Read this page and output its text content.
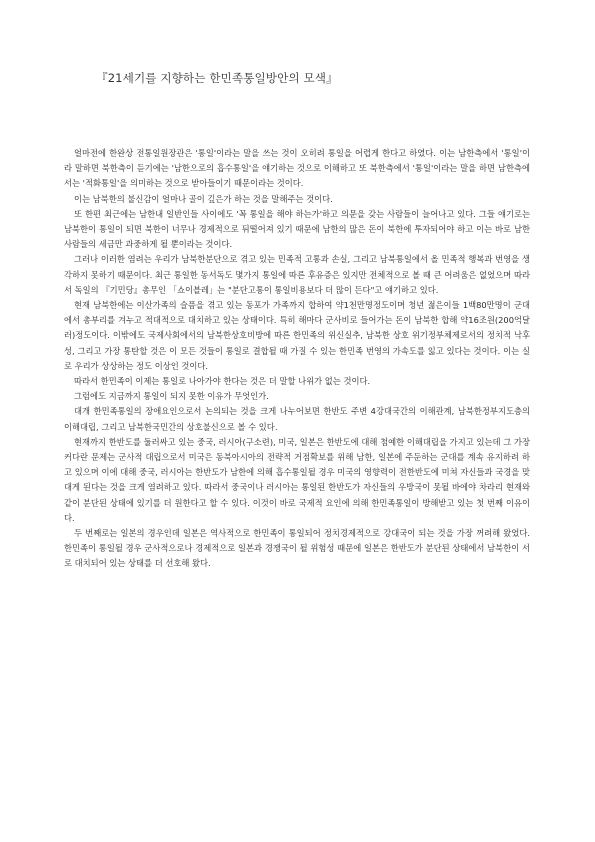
『21세기를 지향하는 한민족통일방안의 모색』

얼마전에 한완상 전통일원장관은 '통일'이라는 말을 쓰는 것이 오히려 통일을 어렵게 한다고 하였다. 이는 남한측에서 '통일'이라 말하면 북한측이 듣기에는 '남한으로의 흡수통일'을 얘기하는 것으로 이해하고 또 북한측에서 '통일'이라는 말을 하면 남한측에서는 '적화통일'을 의미하는 것으로 받아들이기 때문이라는 것이다.

이는 남북한의 불신감이 얼마나 골이 깊은가 하는 것을 말해주는 것이다.

또 한편 최근에는 남한내 일반인들 사이에도 '꼭 통일을 해야 하는가'하고 의문을 갖는 사람들이 늘어나고 있다. 그들 얘기로는 남북한이 통일이 되면 북한이 너무나 경제적으로 뒤떨어져 있기 때문에 남한의 많은 돈이 북한에 투자되어야 하고 이는 바로 남한사람들의 세금만 과중하게 될 뿐이라는 것이다.

그러나 이러한 염려는 우리가 남북한분단으로 겪고 있는 민족적 고통과 손실, 그리고 남북통일에서 올 민족적 행복과 번영을 생각하지 못하기 때문이다. 최근 통일한 동서독도 몇가지 통일에 따른 후유증은 있지만 전체적으로 볼 때 큰 어려움은 없었으며 따라서 독일의 『기민당』총무인 「쇼이블레」는 "분단고통이 통일비용보다 더 많이 든다"고 얘기하고 있다.

현재 남북한에는 이산가족의 슬픔을 겪고 있는 동포가 가족까지 합하여 약1천만명정도이며 청년 젊은이들 1백80만명이 군대에서 총부리를 겨누고 적대적으로 대치하고 있는 상태이다. 특히 해마다 군사비로 들어가는 돈이 남북한 합해 약16조원(200억달러)정도이다. 이밖에도 국제사회에서의 남북한상호비방에 따른 한민족의 위신실추, 남북한 상호 위기정부체제로서의 정치적 낙후성, 그리고 가장 통탄할 것은 이 모든 것들이 통일로 결합될 때 가질 수 있는 한민족 번영의 가속도를 잃고 있다는 것이다. 이는 실로 우리가 상상하는 정도 이상인 것이다.

따라서 한민족이 이제는 통일로 나아가야 한다는 것은 더 말할 나위가 없는 것이다.

그럼에도 지금까지 통일이 되지 못한 이유가 무엇인가.

대개 한민족통일의 장애요인으로서 논의되는 것을 크게 나누어보면 한반도 주변 4강대국간의 이해관계, 남북한정부지도층의 이해대립, 그리고 남북한국민간의 상호불신으로 볼 수 있다.

현재까지 한반도를 둘러싸고 있는 중국, 러시아(구소련), 미국, 일본은 한반도에 대해 첨예한 이해대립을 가지고 있는데 그 가장 커다란 문제는 군사적 대립으로서 미국은 동북아시아의 전략적 거점확보를 위해 남한, 일본에 주둔하는 군대를 계속 유지하려 하고 있으며 이에 대해 중국, 러시아는 한반도가 남한에 의해 흡수통일될 경우 미국의 영향력이 전한반도에 미쳐 자신들과 국경을 맞대게 된다는 것을 크게 염려하고 있다. 따라서 중국이나 러시아는 통일된 한반도가 자신들의 우방국이 못될 바에야 차라리 현재와 같이 분단된 상태에 있기를 더 원한다고 할 수 있다. 이것이 바로 국제적 요인에 의해 한민족통일이 방해받고 있는 첫 번째 이유이다.

두 번째로는 일본의 경우인데 일본은 역사적으로 한민족이 통일되어 정치경제적으로 강대국이 되는 것을 가장 꺼려해 왔었다. 한민족이 통일될 경우 군사적으로나 경제적으로 일본과 경쟁국이 될 위험성 때문에 일본은 한반도가 분단된 상태에서 남북한이 서로 대치되어 있는 상태를 더 선호해 왔다.
